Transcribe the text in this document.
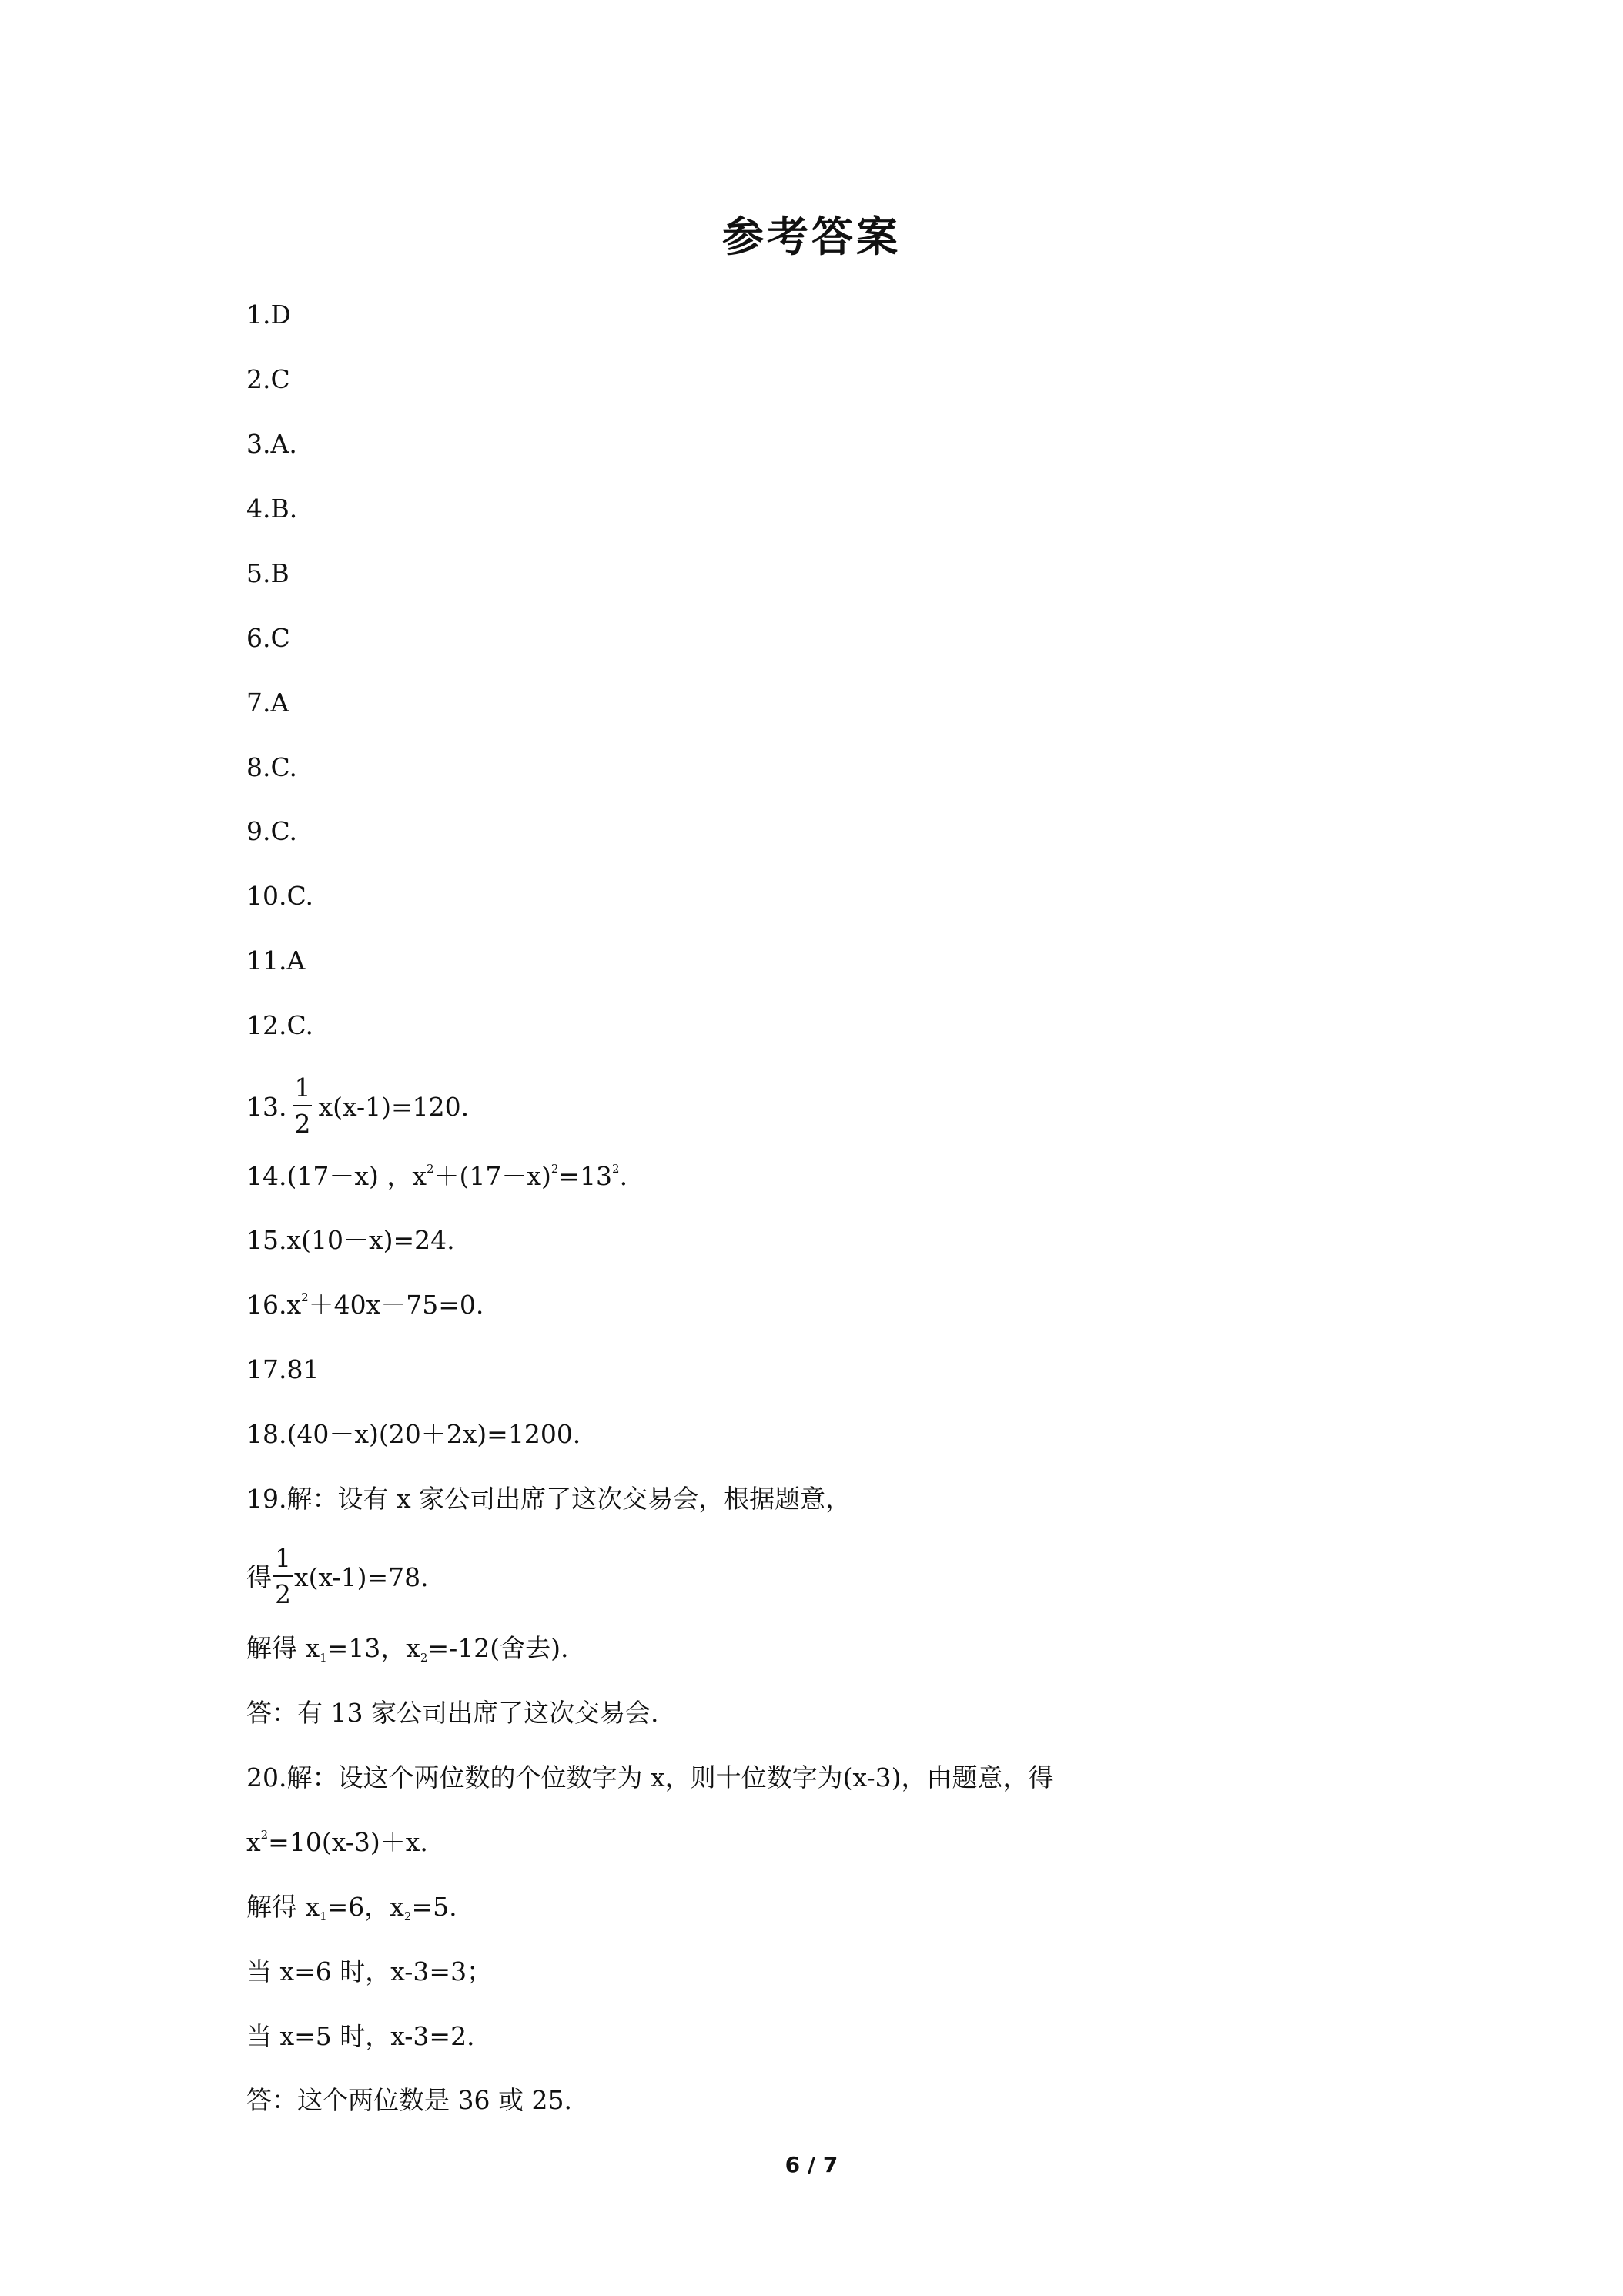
参考答案
1.D
2.C
3.A.
4.B.
5.B
6.C
7.A
8.C.
9.C.
10.C.
11.A
12.C.
13. $\frac{1}{2} x(x-1)=120$.
14.(17－x) ，$x^2+(17-x)^2=13^2$.
15.x(10－x)=24.
$16.x^2+40x-75=0$.
17.81
18.(40－x)(20＋2x)=1200.
19.解：设有 x 家公司出席了这次交易会，根据题意，
得 $\frac{1}{2} x(x-1)=78$.
解得 $x_1=13$，$x_2=-12$(舍去).
答：有 13 家公司出席了这次交易会.
20.解：设这个两位数的个位数字为 x，则十位数字为(x-3)，由题意，得
$x^2=10(x-3)+x$.
解得 $x_1=6$，$x_2=5$.
当 x=6 时，x-3=3；
当 x=5 时，x-3=2.
答：这个两位数是 36 或 25.
6 / 7
